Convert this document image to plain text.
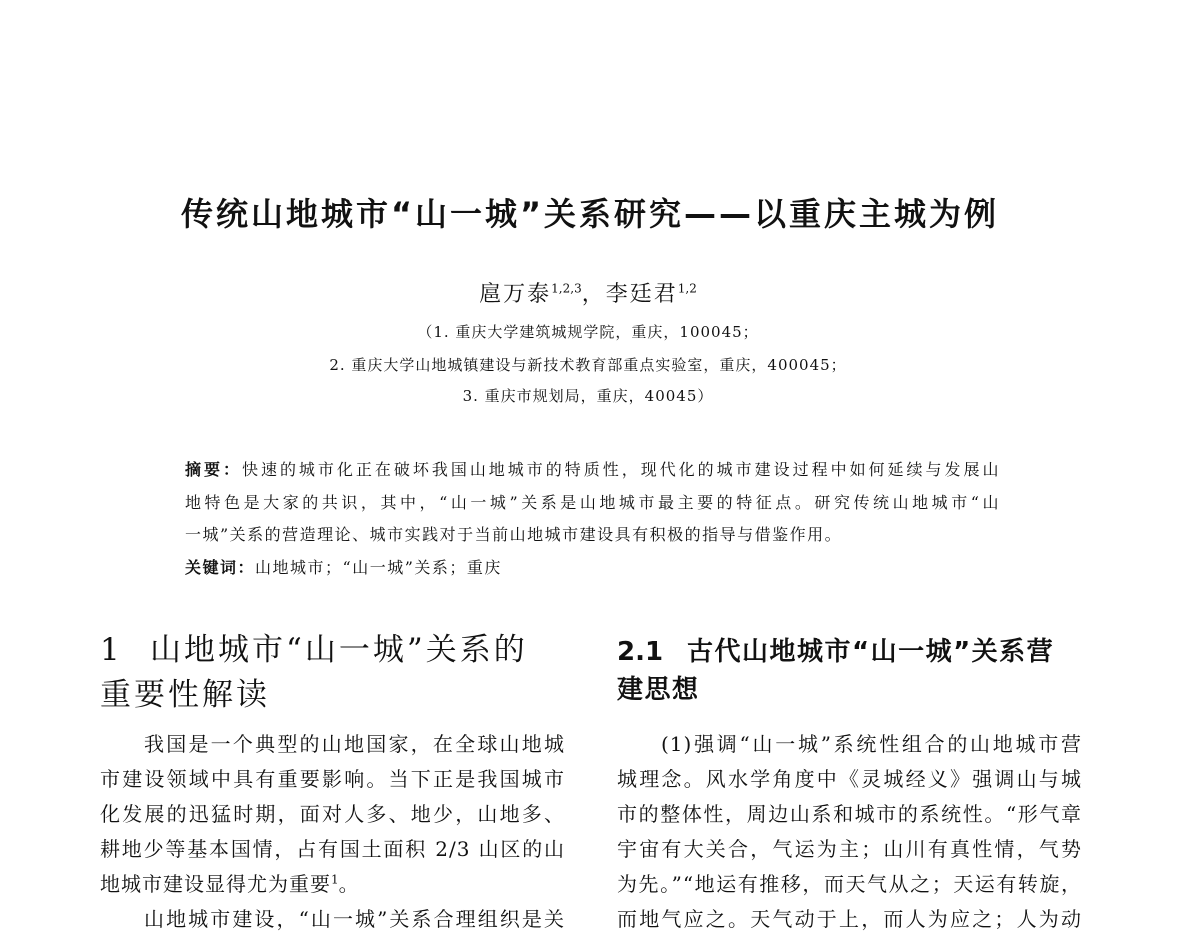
传统山地城市“山一城”关系研究——以重庆主城为例
扈万泰$^{1,2,3}$，李廷君$^{1,2}$
（1. 重庆大学建筑城规学院，重庆，100045；
2. 重庆大学山地城镇建设与新技术教育部重点实验室，重庆，400045；
3. 重庆市规划局，重庆，40045）
摘要：快速的城市化正在破坏我国山地城市的特质性，现代化的城市建设过程中如何延续与发展山
地特色是大家的共识，其中，“山一城”关系是山地城市最主要的特征点。研究传统山地城市“山
一城”关系的营造理论、城市实践对于当前山地城市建设具有积极的指导与借鉴作用。
关键词：山地城市；“山一城”关系；重庆
1 山地城市“山一城”关系的
重要性解读
2.1 古代山地城市“山一城”关系营
建思想
我国是一个典型的山地国家，在全球山地城
市建设领域中具有重要影响。当下正是我国城市
化发展的迅猛时期，面对人多、地少，山地多、
耕地少等基本国情，占有国土面积 2/3 山区的山
地城市建设显得尤为重要$^1$。
山地城市建设，“山一城”关系合理组织是关
(1)强调“山一城”系统性组合的山地城市营
城理念。风水学角度中《灵城经义》强调山与城
市的整体性，周边山系和城市的系统性。“形气章
宇宙有大关合，气运为主；山川有真性情，气势
为先。”“地运有推移，而天气从之；天运有转旋，
而地气应之。天气动于上，而人为应之；人为动
